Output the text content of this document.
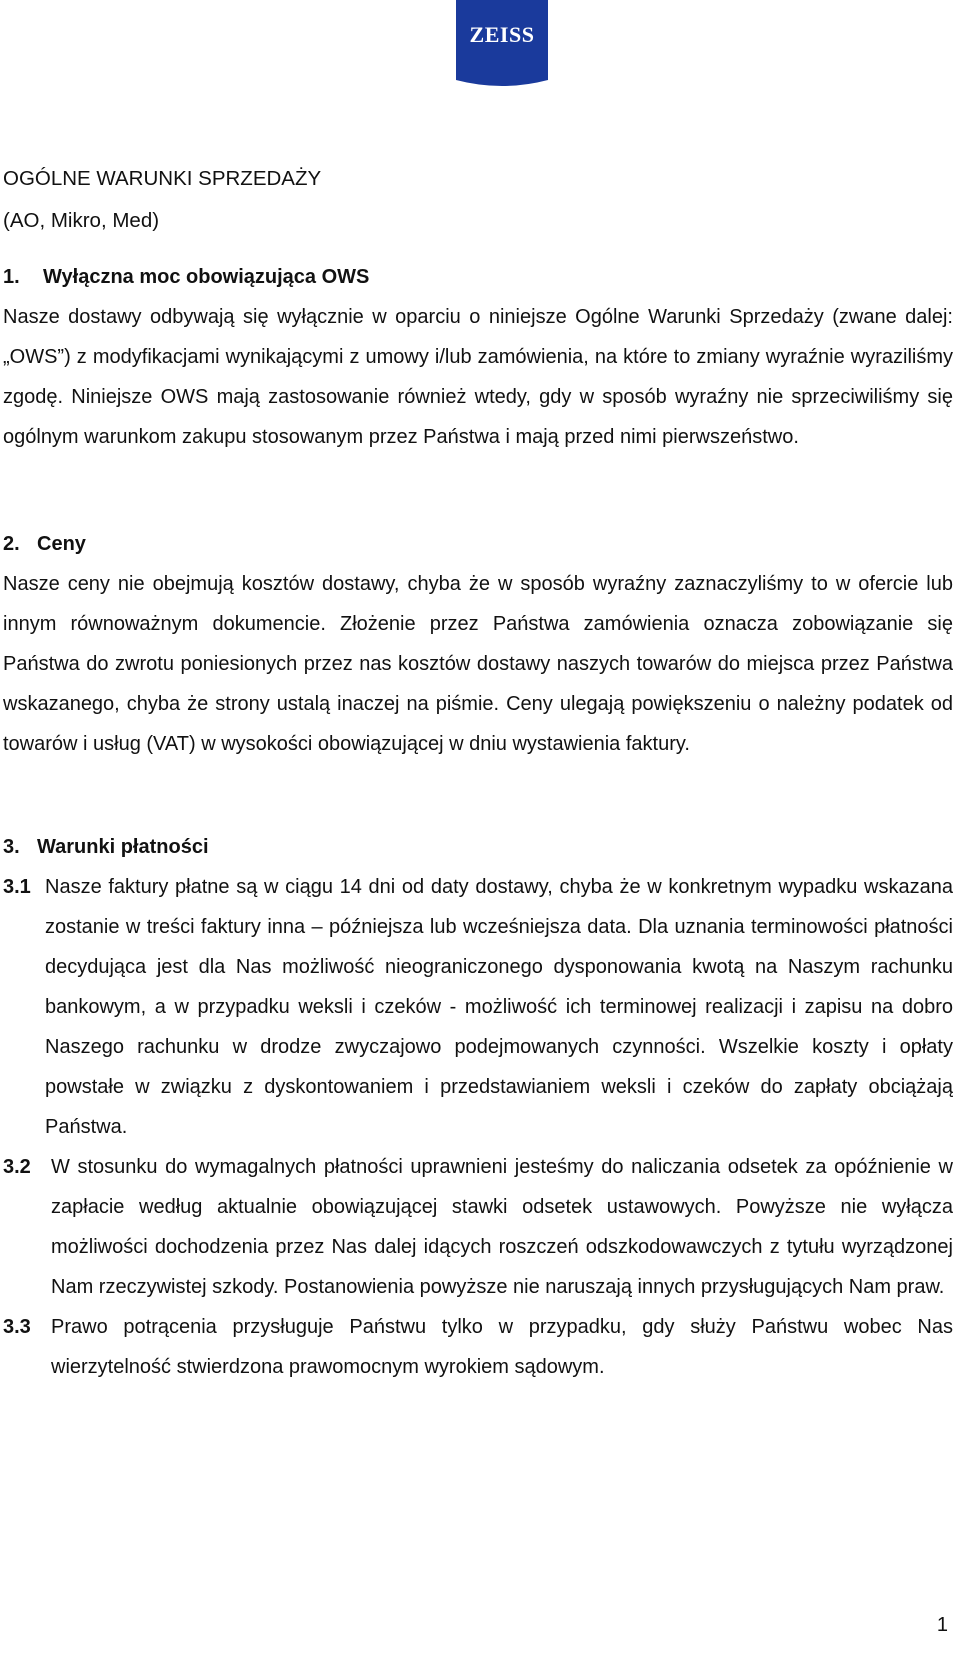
ZEISS
OGÓLNE WARUNKI SPRZEDAŻY
(AO, Mikro, Med)
1. Wyłączna moc obowiązująca OWS
Nasze dostawy odbywają się wyłącznie w oparciu o niniejsze Ogólne Warunki Sprzedaży (zwane dalej: „OWS”) z modyfikacjami wynikającymi z umowy i/lub zamówienia, na które to zmiany wyraźnie wyraziliśmy zgodę. Niniejsze OWS mają zastosowanie również wtedy, gdy w sposób wyraźny nie sprzeciwiliśmy się ogólnym warunkom zakupu stosowanym przez Państwa i mają przed nimi pierwszeństwo.
2. Ceny
Nasze ceny nie obejmują kosztów dostawy, chyba że w sposób wyraźny zaznaczyliśmy to w ofercie lub innym równoważnym dokumencie. Złożenie przez Państwa zamówienia oznacza zobowiązanie się Państwa do zwrotu poniesionych przez nas kosztów dostawy naszych towarów do miejsca przez Państwa wskazanego, chyba że strony ustalą inaczej na piśmie. Ceny ulegają powiększeniu o należny podatek od towarów i usług (VAT) w wysokości obowiązującej w dniu wystawienia faktury.
3. Warunki płatności
3.1 Nasze faktury płatne są w ciągu 14 dni od daty dostawy, chyba że w konkretnym wypadku wskazana zostanie w treści faktury inna – późniejsza lub wcześniejsza data. Dla uznania terminowości płatności decydująca jest dla Nas możliwość nieograniczonego dysponowania kwotą na Naszym rachunku bankowym, a w przypadku weksli i czeków - możliwość ich terminowej realizacji i zapisu na dobro Naszego rachunku w drodze zwyczajowo podejmowanych czynności. Wszelkie koszty i opłaty powstałe w związku z dyskontowaniem i przedstawianiem weksli i czeków do zapłaty obciążają Państwa.
3.2 W stosunku do wymagalnych płatności uprawnieni jesteśmy do naliczania odsetek za opóźnienie w zapłacie według aktualnie obowiązującej stawki odsetek ustawowych. Powyższe nie wyłącza możliwości dochodzenia przez Nas dalej idących roszczeń odszkodowawczych z tytułu wyrządzonej Nam rzeczywistej szkody. Postanowienia powyższe nie naruszają innych przysługujących Nam praw.
3.3 Prawo potrącenia przysługuje Państwu tylko w przypadku, gdy służy Państwu wobec Nas wierzytelność stwierdzona prawomocnym wyrokiem sądowym.
1
